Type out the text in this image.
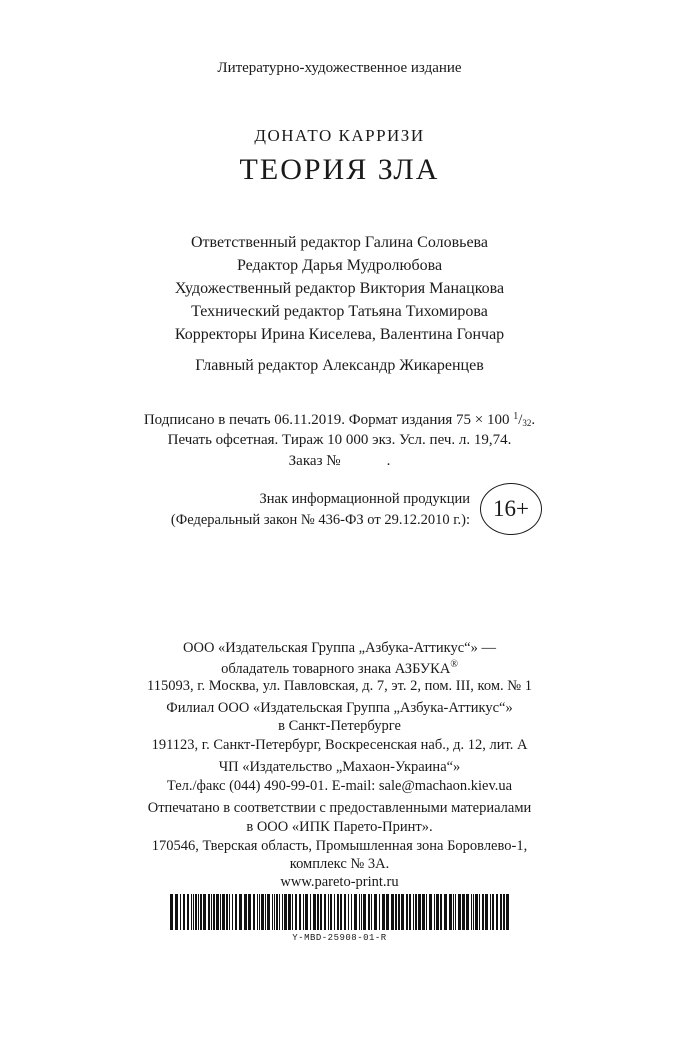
Литературно-художественное издание
ДОНАТО КАРРИЗИ
ТЕОРИЯ ЗЛА
Ответственный редактор Галина Соловьева
Редактор Дарья Мудролюбова
Художественный редактор Виктория Манацкова
Технический редактор Татьяна Тихомирова
Корректоры Ирина Киселева, Валентина Гончар
Главный редактор Александр Жикаренцев
Подписано в печать 06.11.2019. Формат издания 75 × 100 $^1$/32.
Печать офсетная. Тираж 10 000 экз. Усл. печ. л. 19,74.
Заказ №	.
Знак информационной продукции
(Федеральный закон № 436-ФЗ от 29.12.2010 г.): 16+
ООО «Издательская Группа „Азбука-Аттикус“» —
обладатель товарного знака АЗБУКА®
115093, г. Москва, ул. Павловская, д. 7, эт. 2, пом. III, ком. № 1
Филиал ООО «Издательская Группа „Азбука-Аттикус“»
в Санкт-Петербурге
191123, г. Санкт-Петербург, Воскресенская наб., д. 12, лит. А
ЧП «Издательство „Махаон-Украина“»
Тел./факс (044) 490-99-01. E-mail: sale@machaon.kiev.ua
Отпечатано в соответствии с предоставленными материалами
в ООО «ИПК Парето-Принт».
170546, Тверская область, Промышленная зона Боровлево-1,
комплекс № 3А.
www.pareto-print.ru
Y-MBD-25908-01-R
